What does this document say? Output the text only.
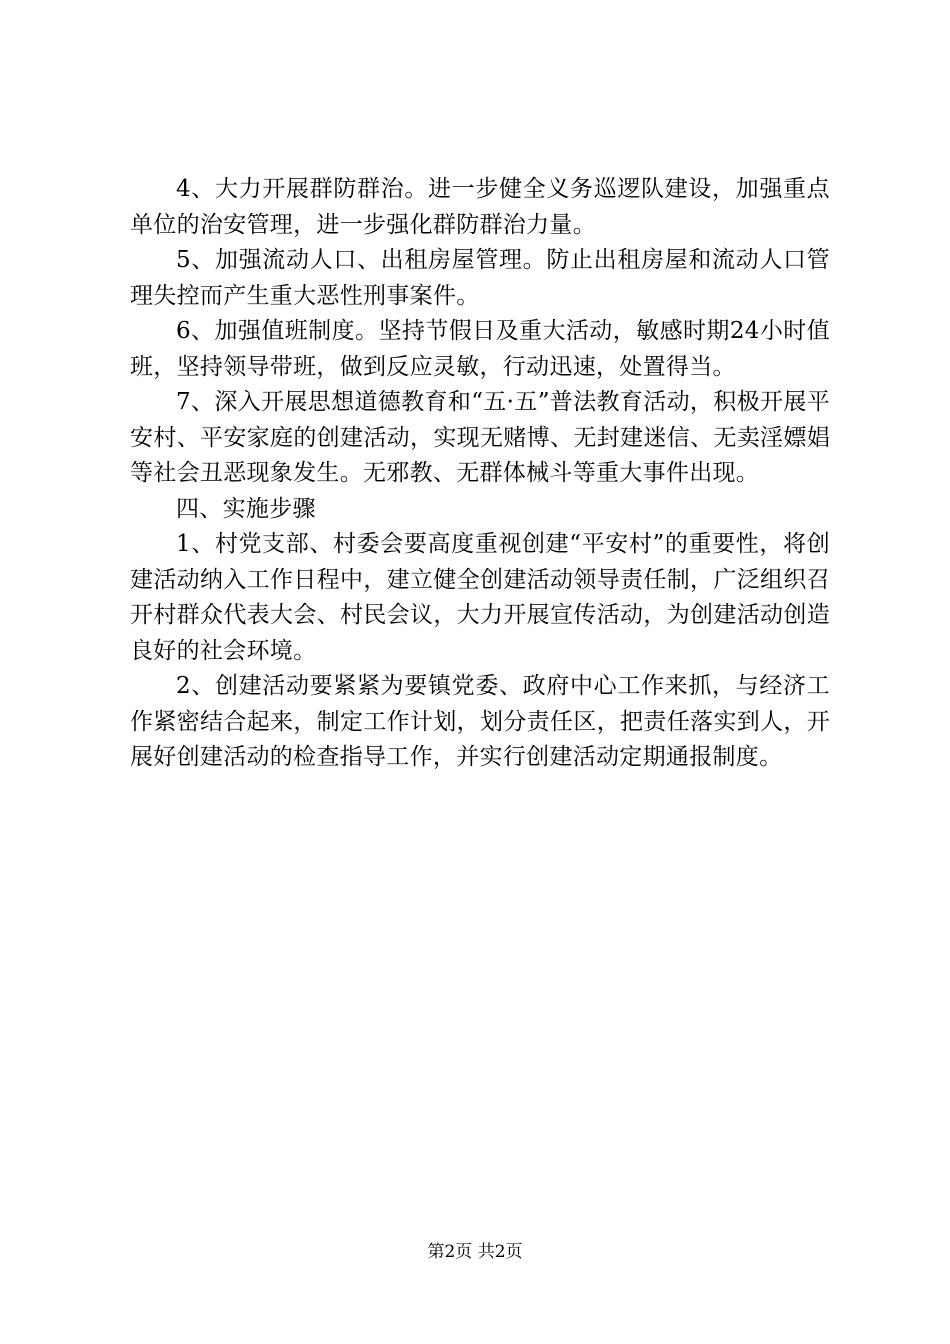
4、大力开展群防群治。进一步健全义务巡逻队建设，加强重点单位的治安管理，进一步强化群防群治力量。

5、加强流动人口、出租房屋管理。防止出租房屋和流动人口管理失控而产生重大恶性刑事案件。

6、加强值班制度。坚持节假日及重大活动，敏感时期24小时值班，坚持领导带班，做到反应灵敏，行动迅速，处置得当。

7、深入开展思想道德教育和“五·五”普法教育活动，积极开展平安村、平安家庭的创建活动，实现无赌博、无封建迷信、无卖淫嫖娼等社会丑恶现象发生。无邪教、无群体械斗等重大事件出现。

四、实施步骤

1、村党支部、村委会要高度重视创建“平安村”的重要性，将创建活动纳入工作日程中，建立健全创建活动领导责任制，广泛组织召开村群众代表大会、村民会议，大力开展宣传活动，为创建活动创造良好的社会环境。

2、创建活动要紧紧为要镇党委、政府中心工作来抓，与经济工作紧密结合起来，制定工作计划，划分责任区，把责任落实到人，开展好创建活动的检查指导工作，并实行创建活动定期通报制度。

第2页 共2页
